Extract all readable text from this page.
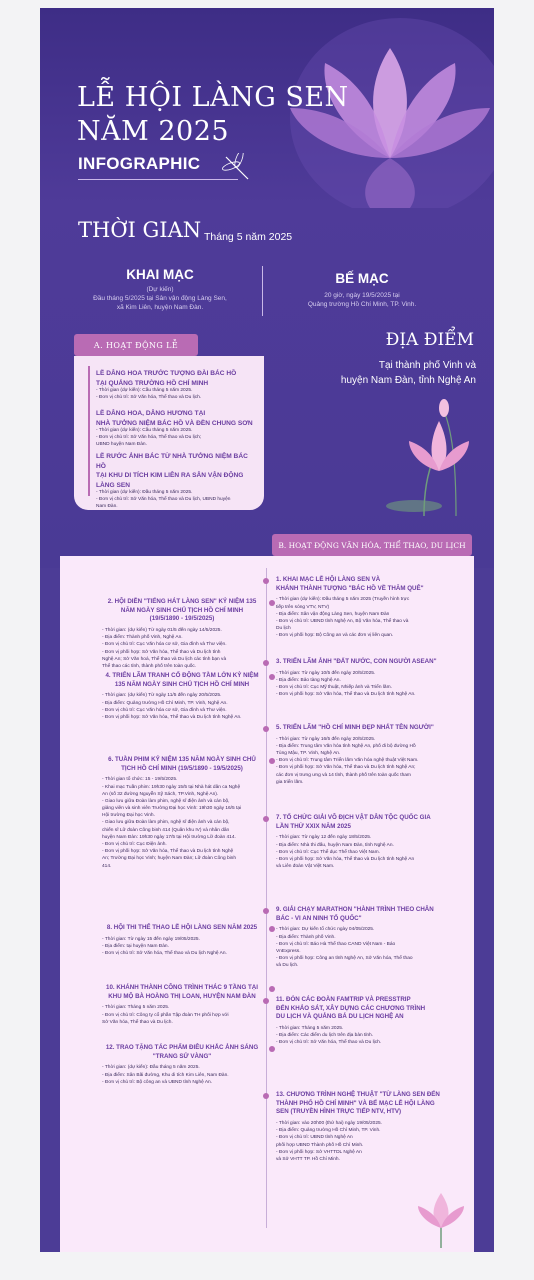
LỄ HỘI LÀNG SEN
NĂM 2025
INFOGRAPHIC
THỜI GIAN Tháng 5 năm 2025
KHAI MẠC
(Dự kiến)
Đầu tháng 5/2025 tại Sân vận động Làng Sen,
xã Kim Liên, huyện Nam Đàn.
BẾ MẠC
20 giờ, ngày 19/5/2025 tại
Quảng trường Hồ Chí Minh, TP. Vinh.
A. HOẠT ĐỘNG LỄ	ĐỊA ĐIỂM
Tại thành phố Vinh và
huyện Nam Đàn, tỉnh Nghệ An
LỄ DÂNG HOA TRƯỚC TƯỢNG ĐÀI BÁC HỒ
TẠI QUẢNG TRƯỜNG HỒ CHÍ MINH
- Thời gian (dự kiến): Cầu tháng 5 năm 2025.
- Đơn vị chủ trì: Sở Văn hóa, Thể thao và Du lịch.
LỄ DÂNG HOA, DÂNG HƯƠNG TẠI
NHÀ TƯỞNG NIỆM BÁC HỒ VÀ ĐỀN CHUNG SƠN
- Thời gian (dự kiến): Cầu tháng 5 năm 2025.
- Đơn vị chủ trì: Sở Văn hóa, Thể thao và Du lịch;
UBND huyện Nam Đàn.
LỄ RƯỚC ẢNH BÁC TỪ NHÀ TƯỞNG NIỆM BÁC HỒ
TẠI KHU DI TÍCH KIM LIÊN RA SÂN VẬN ĐỘNG
LÀNG SEN
- Thời gian (dự kiến): Đầu tháng 5 năm 2025.
- Đơn vị chủ trì: Sở Văn hóa, Thể thao và Du lịch, UBND huyện
Nam Đàn.
B. HOẠT ĐỘNG VĂN HÓA, THỂ THAO, DU LỊCH
1. KHAI MẠC LỄ HỘI LÀNG SEN VÀ
KHÁNH THÀNH TƯỢNG "BÁC HỒ VỀ THĂM QUÊ"
- Thời gian (dự kiến): Đầu tháng 5 năm 2025 (Truyền hình trực
tiếp trên sóng VTV, NTV)
- Địa điểm: Sân vận động Làng Sen, huyện Nam Đàn
- Đơn vị chủ trì: UBND tỉnh Nghệ An, Bộ Văn hóa, Thể thao và
Du lịch
- Đơn vị phối hợp: Bộ Công an và các đơn vị liên quan.
3. TRIỂN LÃM ẢNH "ĐẤT NƯỚC, CON NGƯỜI ASEAN"
- Thời gian: Từ ngày 10/5 đến ngày 20/5/2025.
- Địa điểm: Bảo tàng Nghệ An.
- Đơn vị chủ trì: Cục Mỹ thuật, Nhiếp ảnh và Triển lãm.
- Đơn vị phối hợp: Sở Văn hóa, Thể thao và Du lịch tỉnh Nghệ An.
5. TRIỂN LÃM "HỒ CHÍ MINH ĐẸP NHẤT TÊN NGƯỜI"
- Thời gian: Từ ngày 16/5 đến ngày 20/5/2025.
- Địa điểm: Trung tâm Văn hóa tỉnh Nghệ An, phố đi bộ đường Hồ
Tùng Mậu, TP. Vinh, Nghệ An.
- Đơn vị chủ trì: Trung tâm Triển lãm Văn hóa nghệ thuật Việt Nam.
- Đơn vị phối hợp: Sở Văn hóa, Thể thao và Du lịch tỉnh Nghệ An;
các đơn vị trưng ưng và 14 tỉnh, thành phố trên toàn quốc tham
gia triển lãm.
7. TỔ CHỨC GIẢI VÔ ĐỊCH VẬT DÂN TỘC QUỐC GIA
LẦN THỨ XXIX NĂM 2025
- Thời gian: Từ ngày 12 đến ngày 18/5/2025.
- Địa điểm: Nhà thi đấu, huyện Nam Đàn, tỉnh Nghệ An.
- Đơn vị chủ trì: Cục Thể dục Thể thao Việt Nam.
- Đơn vị phối hợp: Sở Văn hóa, Thể thao và Du lịch tỉnh Nghệ An
và Liên đoàn Vật Việt Nam.
9. GIẢI CHẠY MARATHON "HÀNH TRÌNH THEO CHÂN
BÁC - VI AN NINH TỔ QUỐC"
- Thời gian: Dự kiến tổ chức ngày 04/05/2025.
- Địa điểm: Thành phố Vinh.
- Đơn vị chủ trì: Báo Hà Thể thao CAND Việt Nam - Báo
VnExpress.
- Đơn vị phối hợp: Công an tỉnh Nghệ An, Sở Văn hóa, Thể thao
và Du lịch.
11. ĐÓN CÁC ĐOÀN FAMTRIP VÀ PRESSTRIP
ĐẾN KHẢO SÁT, XÂY DỰNG CÁC CHƯƠNG TRÌNH
DU LỊCH VÀ QUẢNG BÁ DU LỊCH NGHỆ AN
- Thời gian: Tháng 5 năm 2025.
- Địa điểm: Các điểm du lịch trên địa bàn tỉnh.
- Đơn vị chủ trì: Sở Văn hóa, Thể thao và Du lịch.
13. CHƯƠNG TRÌNH NGHỆ THUẬT "TỪ LÀNG SEN ĐẾN
THÀNH PHỐ HỒ CHÍ MINH" VÀ BẾ MẠC LỄ HỘI LÀNG
SEN (TRUYỀN HÌNH TRỰC TIẾP NTV, HTV)
- Thời gian: vào 20h00 (thứ hai) ngày 19/05/2025.
- Địa điểm: Quảng trường Hồ Chí Minh, TP. Vinh.
- Đơn vị chủ trì: UBND tỉnh Nghệ An
phối hợp UBND Thành phố Hồ Chí Minh.
- Đơn vị phối hợp: Sở VHTTDL Nghệ An
và Sở VHTT TP. Hồ Chí Minh.
2. HỘI DIỄN "TIẾNG HÁT LÀNG SEN" KỶ NIỆM 135
NĂM NGÀY SINH CHỦ TỊCH HỒ CHÍ MINH
(19/5/1890 - 19/5/2025)
- Thời gian: (dự kiến) Từ ngày 01/5 đến ngày 14/5/2025.
- Địa điểm: Thành phố Vinh, Nghệ An.
- Đơn vị chủ trì: Cục Văn hóa cơ sở, Gia đình và Thư viện.
- Đơn vị phối hợp: Sở Văn hóa, Thể thao và Du lịch tỉnh
Nghệ An; Sở Văn hoá, Thể thao và Du lịch các tỉnh bạn và
Thể thao các tỉnh, thành phố trên toàn quốc.
4. TRIỂN LÃM TRANH CỔ ĐỘNG TẦM LỚN KỶ NIỆM
135 NĂM NGÀY SINH CHỦ TỊCH HỒ CHÍ MINH
- Thời gian: (dự kiến) Từ ngày 11/5 đến ngày 20/5/2025.
- Địa điểm: Quảng trường Hồ Chí Minh, TP. Vinh, Nghệ An.
- Đơn vị chủ trì: Cục Văn hóa cơ sở, Gia đình và Thư viện.
- Đơn vị phối hợp: Sở Văn hóa, Thể thao và Du lịch tỉnh Nghệ An.
6. TUẦN PHIM KỶ NIỆM 135 NĂM NGÀY SINH CHỦ
TỊCH HỒ CHÍ MINH (19/5/1890 - 19/5/2025)
- Thời gian tổ chức: 15 - 19/5/2025.
- Khai mạc Tuần phim: 19h30 ngày 15/5 tại Nhà hát dân ca Nghệ
An (số 32 đường Nguyễn Sỹ Sách, TP.Vinh, Nghệ An).
- Giao lưu giữa Đoàn làm phim, nghệ sĩ điện ảnh và cán bộ,
giảng viên và sinh viên Trường Đại học Vinh: 19h30 ngày 16/5 tại
Hội trường Đại học Vinh.
- Giao lưu giữa Đoàn làm phim, nghệ sĩ điện ảnh và cán bộ,
chiến sĩ Lữ đoàn Công binh 414 (Quân khu IV) và nhân dân
huyện Nam Đàn: 19h30 ngày 17/5 tại Hội trường Lữ đoàn 414.
- Đơn vị chủ trì: Cục Điện ảnh.
- Đơn vị phối hợp: Sở Văn hóa, Thể thao và Du lịch tỉnh Nghệ
An; Trường Đại học Vinh; huyện Nam Đàn; Lữ đoàn Công binh
414.
8. HỘI THI THỂ THAO LỄ HỘI LÀNG SEN NĂM 2025
- Thời gian: Từ ngày 15 đến ngày 19/05/2025.
- Địa điểm: tại huyện Nam Đàn.
- Đơn vị chủ trì: Sở Văn hóa, Thể thao và Du lịch Nghệ An.
10. KHÁNH THÀNH CÔNG TRÌNH THÁC 9 TẦNG TẠI
KHU MỘ BÀ HOÀNG THỊ LOAN, HUYỆN NAM ĐÀN
- Thời gian: Tháng 5 năm 2025.
- Đơn vị chủ trì: Công ty cổ phần Tập đoàn TH phối hợp với
Sở Văn hóa, Thể thao và Du lịch.
12. TRAO TẶNG TÁC PHẨM ĐIÊU KHẮC ẢNH SÁNG
"TRANG SỬ VÀNG"
- Thời gian: (dự kiến): Đầu tháng 5 năm 2025.
- Địa điểm: Sân Bãi đường, Khu di tích Kim Liên, Nam Đàn.
- Đơn vị chủ trì: Bộ công an và UBND tỉnh Nghệ An.
